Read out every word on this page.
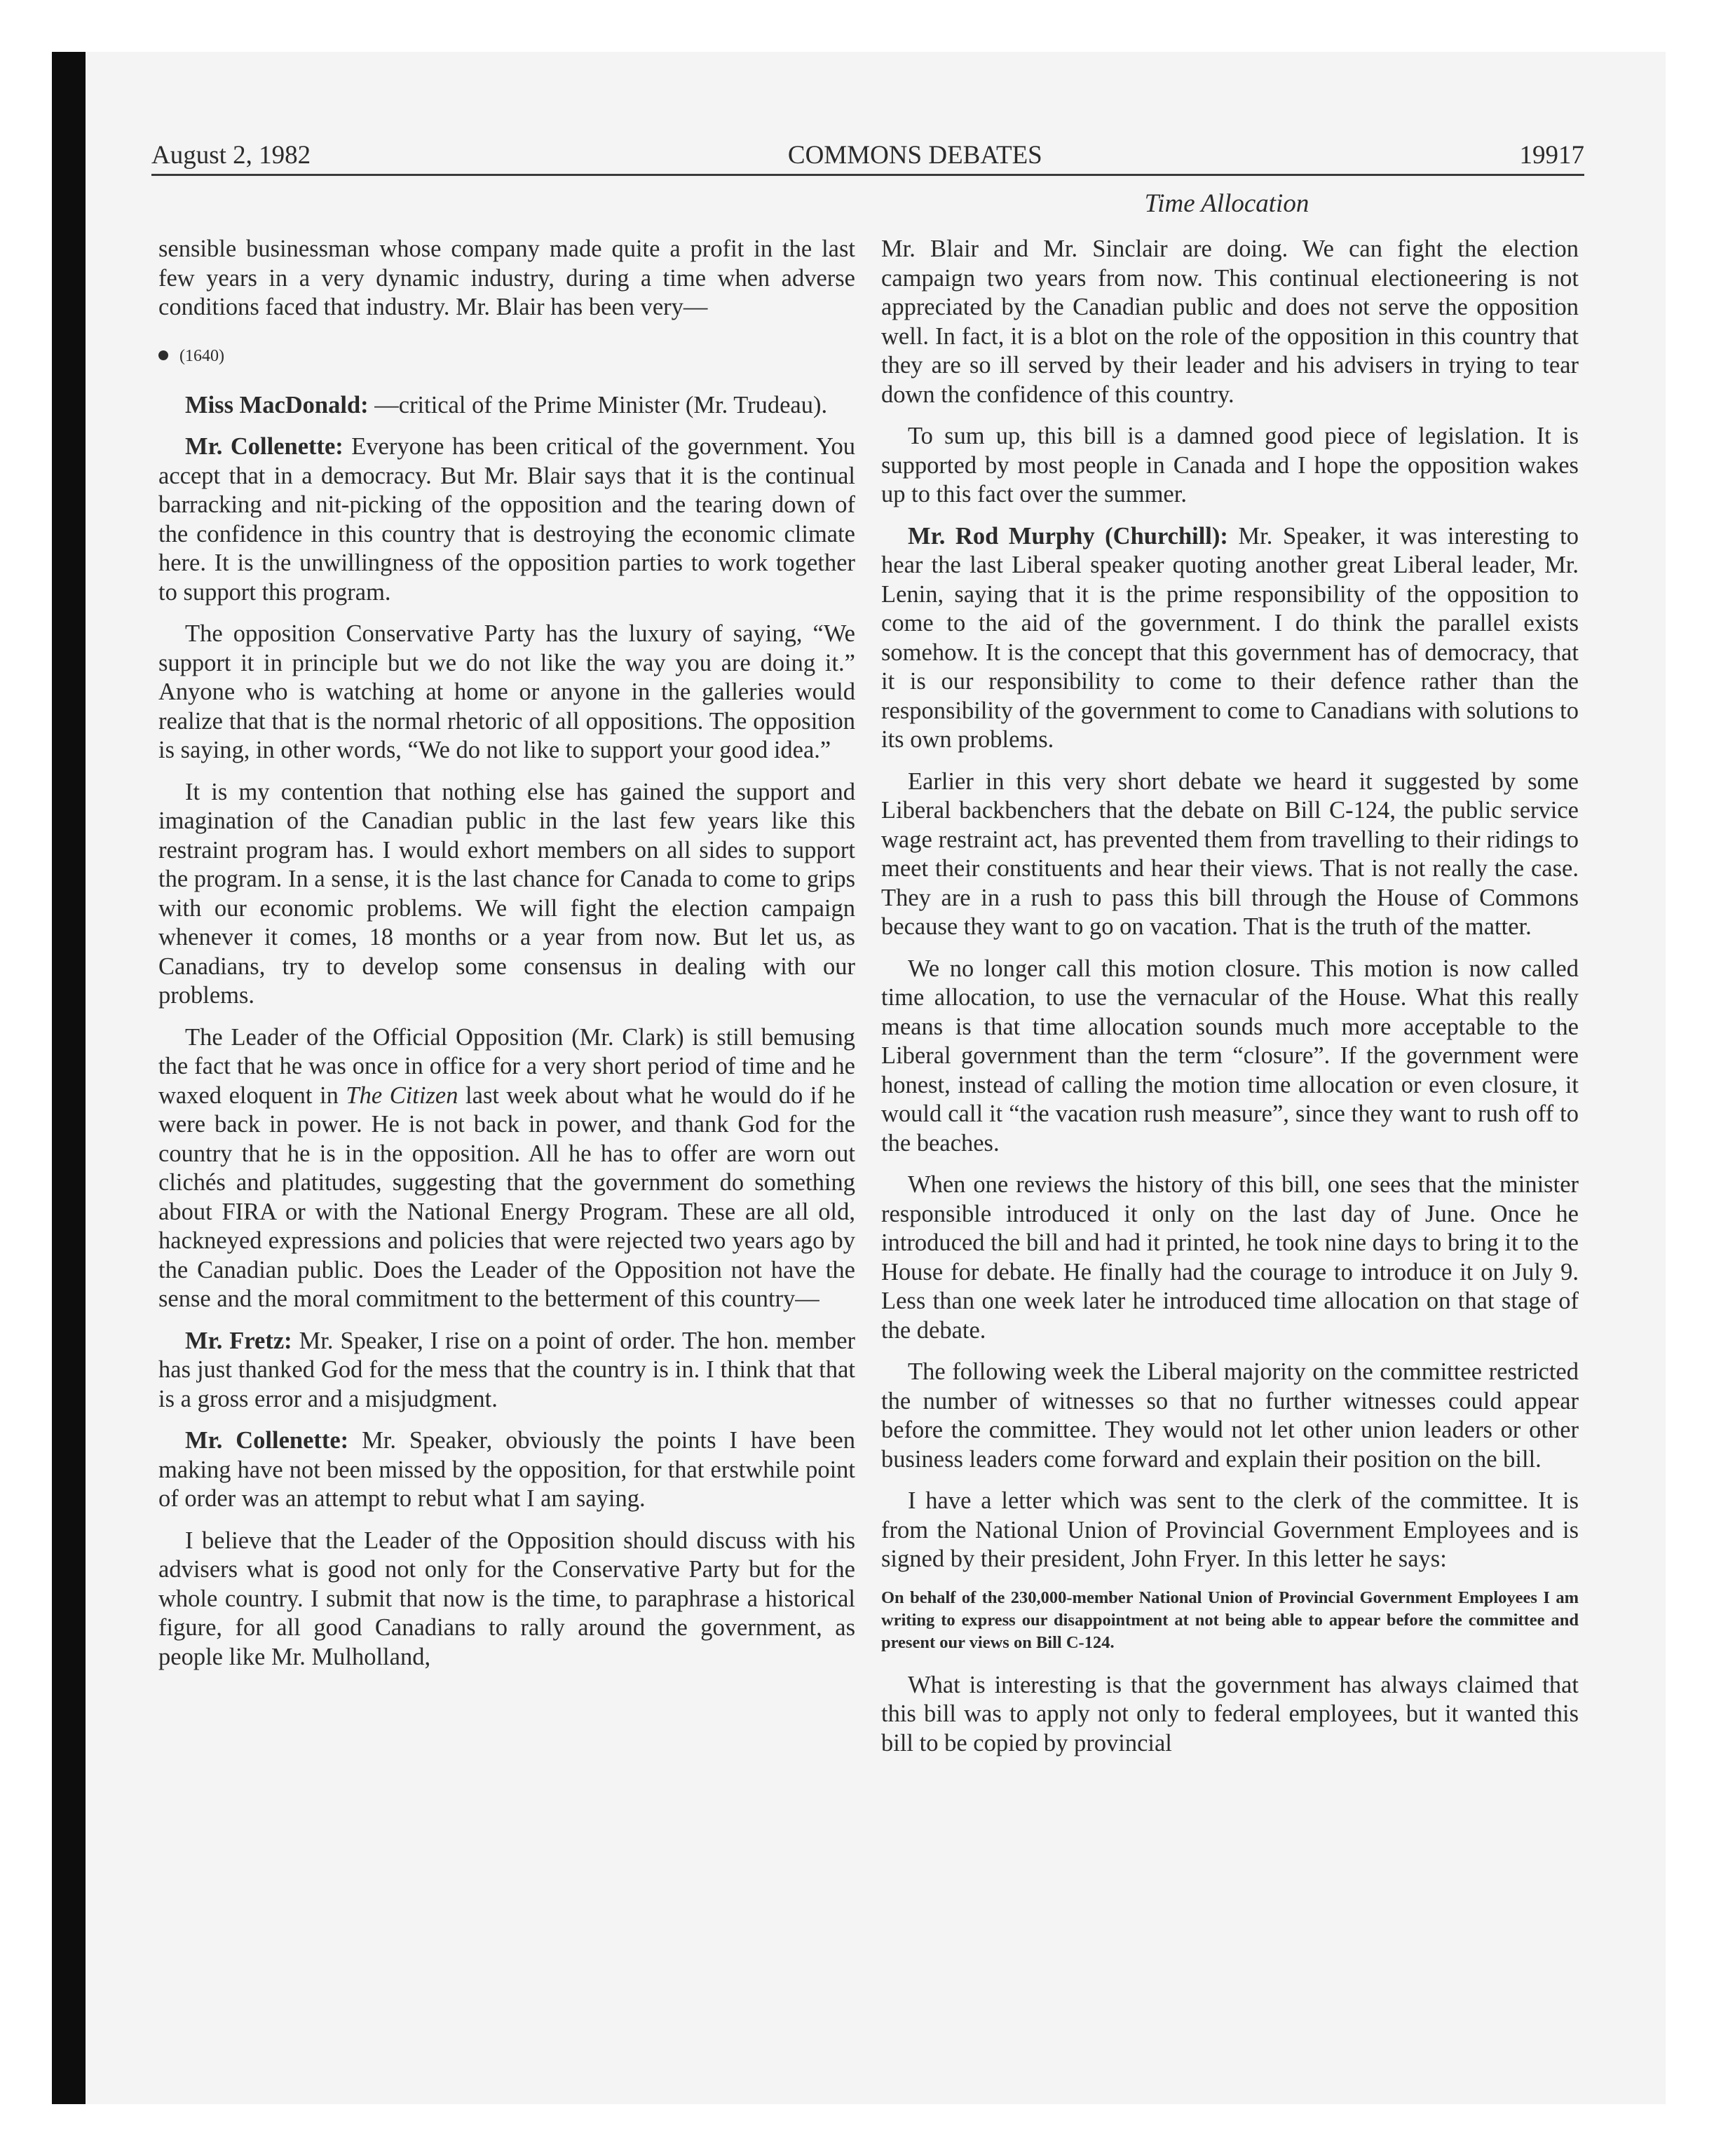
August 2, 1982	COMMONS DEBATES	19917
Time Allocation

sensible businessman whose company made quite a profit in the last few years in a very dynamic industry, during a time when adverse conditions faced that industry. Mr. Blair has been very—

(1640)

Miss MacDonald: —critical of the Prime Minister (Mr. Trudeau).

Mr. Collenette: Everyone has been critical of the government. You accept that in a democracy. But Mr. Blair says that it is the continual barracking and nit-picking of the opposition and the tearing down of the confidence in this country that is destroying the economic climate here. It is the unwillingness of the opposition parties to work together to support this program.

The opposition Conservative Party has the luxury of saying, “We support it in principle but we do not like the way you are doing it.” Anyone who is watching at home or anyone in the galleries would realize that that is the normal rhetoric of all oppositions. The opposition is saying, in other words, “We do not like to support your good idea.”

It is my contention that nothing else has gained the support and imagination of the Canadian public in the last few years like this restraint program has. I would exhort members on all sides to support the program. In a sense, it is the last chance for Canada to come to grips with our economic problems. We will fight the election campaign whenever it comes, 18 months or a year from now. But let us, as Canadians, try to develop some consensus in dealing with our problems.

The Leader of the Official Opposition (Mr. Clark) is still bemusing the fact that he was once in office for a very short period of time and he waxed eloquent in The Citizen last week about what he would do if he were back in power. He is not back in power, and thank God for the country that he is in the opposition. All he has to offer are worn out clichés and platitudes, suggesting that the government do something about FIRA or with the National Energy Program. These are all old, hackneyed expressions and policies that were rejected two years ago by the Canadian public. Does the Leader of the Opposition not have the sense and the moral commitment to the betterment of this country—

Mr. Fretz: Mr. Speaker, I rise on a point of order. The hon. member has just thanked God for the mess that the country is in. I think that that is a gross error and a misjudgment.

Mr. Collenette: Mr. Speaker, obviously the points I have been making have not been missed by the opposition, for that erstwhile point of order was an attempt to rebut what I am saying.

I believe that the Leader of the Opposition should discuss with his advisers what is good not only for the Conservative Party but for the whole country. I submit that now is the time, to paraphrase a historical figure, for all good Canadians to rally around the government, as people like Mr. Mulholland,

Mr. Blair and Mr. Sinclair are doing. We can fight the election campaign two years from now. This continual electioneering is not appreciated by the Canadian public and does not serve the opposition well. In fact, it is a blot on the role of the opposition in this country that they are so ill served by their leader and his advisers in trying to tear down the confidence of this country.

To sum up, this bill is a damned good piece of legislation. It is supported by most people in Canada and I hope the opposition wakes up to this fact over the summer.

Mr. Rod Murphy (Churchill): Mr. Speaker, it was interesting to hear the last Liberal speaker quoting another great Liberal leader, Mr. Lenin, saying that it is the prime responsibility of the opposition to come to the aid of the government. I do think the parallel exists somehow. It is the concept that this government has of democracy, that it is our responsibility to come to their defence rather than the responsibility of the government to come to Canadians with solutions to its own problems.

Earlier in this very short debate we heard it suggested by some Liberal backbenchers that the debate on Bill C-124, the public service wage restraint act, has prevented them from travelling to their ridings to meet their constituents and hear their views. That is not really the case. They are in a rush to pass this bill through the House of Commons because they want to go on vacation. That is the truth of the matter.

We no longer call this motion closure. This motion is now called time allocation, to use the vernacular of the House. What this really means is that time allocation sounds much more acceptable to the Liberal government than the term “closure”. If the government were honest, instead of calling the motion time allocation or even closure, it would call it “the vacation rush measure”, since they want to rush off to the beaches.

When one reviews the history of this bill, one sees that the minister responsible introduced it only on the last day of June. Once he introduced the bill and had it printed, he took nine days to bring it to the House for debate. He finally had the courage to introduce it on July 9. Less than one week later he introduced time allocation on that stage of the debate.

The following week the Liberal majority on the committee restricted the number of witnesses so that no further witnesses could appear before the committee. They would not let other union leaders or other business leaders come forward and explain their position on the bill.

I have a letter which was sent to the clerk of the committee. It is from the National Union of Provincial Government Employees and is signed by their president, John Fryer. In this letter he says:

On behalf of the 230,000-member National Union of Provincial Government Employees I am writing to express our disappointment at not being able to appear before the committee and present our views on Bill C-124.

What is interesting is that the government has always claimed that this bill was to apply not only to federal employees, but it wanted this bill to be copied by provincial
